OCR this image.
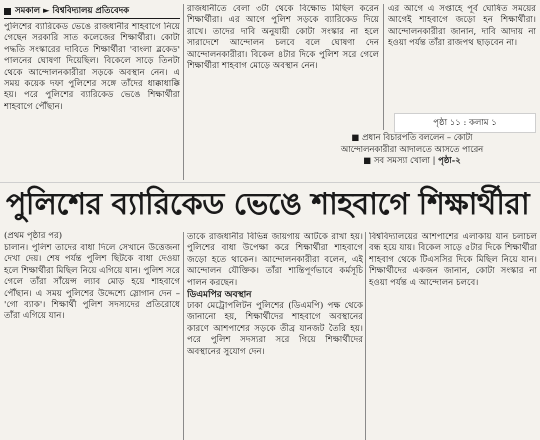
সমকাল ► বিশ্ববিদ্যালয় প্রতিবেদক

পুলিশের ব্যারিকেড ভেঙে রাজধানীর শাহবাগে নিয়ে গেছেন সরকারি সাত কলেজের শিক্ষার্থীরা। কোটা পদ্ধতি সংস্কারের দাবিতে শিক্ষার্থীরা 'বাংলা ব্লকেড' পালনের ঘোষণা দিয়েছিল। বিকেলে সাড়ে তিনটা থেকে আন্দোলনকারীরা সড়কে অবস্থান নেন। এ সময় কয়েক দফা পুলিশের সঙ্গে তাঁদের ধাক্কাধাক্কি হয়। পরে পুলিশের ব্যারিকেড ভেঙে শিক্ষার্থীরা শাহবাগে পৌঁছান।

রাজধানীতে বেলা ৩টা থেকে বিক্ষোভ মিছিল করেন শিক্ষার্থীরা। এর আগে পুলিশ সড়কে ব্যারিকেড দিয়ে রাখে। তাদের দাবি অনুযায়ী কোটা সংস্কার না হলে সারাদেশে আন্দোলন চলবে বলে ঘোষণা দেন আন্দোলনকারীরা। বিকেল ৪টার দিকে পুলিশ সরে গেলে শিক্ষার্থীরা শাহবাগ মোড়ে অবস্থান নেন।

এর আগে এ সপ্তাহে পূর্ব ঘোষিত সময়ের আগেই শাহবাগে জড়ো হন শিক্ষার্থীরা। আন্দোলনকারীরা জানান, দাবি আদায় না হওয়া পর্যন্ত তাঁরা রাজপথ ছাড়বেন না।

পৃষ্ঠা ১১ : কলাম ১
■ প্রধান বিচারপতি বললেন – কোটা
আন্দোলনকারীরা আদালতে আসতে পারেন
■ সব সমস্যা খোলা | পৃষ্ঠা-২
পুলিশের ব্যারিকেড ভেঙে শাহবাগে শিক্ষার্থীরা
(প্রথম পৃষ্ঠার পর)

চালান। পুলিশ তাদের বাধা দিলে সেখানে উত্তেজনা দেখা দেয়। শেষ পর্যন্ত পুলিশ ছিটকে বাধা দেওয়া হলে শিক্ষার্থীরা মিছিল নিয়ে এগিয়ে যান। পুলিশ সরে গেলে তাঁরা সাঁয়েন্স ল্যাব মোড় হয়ে শাহবাগে পৌঁছান। এ সময় পুলিশের উদ্দেশ্যে স্লোগান দেন – 'গো ব্যাক'। শিক্ষার্থী পুলিশ সদস্যদের প্রতিরোধে তাঁরা এগিয়ে যান।

তাকে রাজধানীর বিভিন্ন জায়গায় আটকে রাখা হয়। পুলিশের বাধা উপেক্ষা করে শিক্ষার্থীরা শাহবাগে জড়ো হতে থাকেন। আন্দোলনকারীরা বলেন, এই আন্দোলন যৌক্তিক। তাঁরা শান্তিপূর্ণভাবে কর্মসূচি পালন করছেন।

ডিএমপির অবস্থান

ঢাকা মেট্রোপলিটন পুলিশের (ডিএমপি) পক্ষ থেকে জানানো হয়, শিক্ষার্থীদের শাহবাগে অবস্থানের কারণে আশপাশের সড়কে তীব্র যানজট তৈরি হয়। পরে পুলিশ সদস্যরা সরে গিয়ে শিক্ষার্থীদের অবস্থানের সুযোগ দেন।

বিশ্ববিদ্যালয়ের আশপাশের এলাকায় যান চলাচল বন্ধ হয়ে যায়। বিকেল সাড়ে ৫টার দিকে শিক্ষার্থীরা শাহবাগ থেকে টিএসসির দিকে মিছিল নিয়ে যান। শিক্ষার্থীদের একজন জানান, কোটা সংস্কার না হওয়া পর্যন্ত এ আন্দোলন চলবে।
